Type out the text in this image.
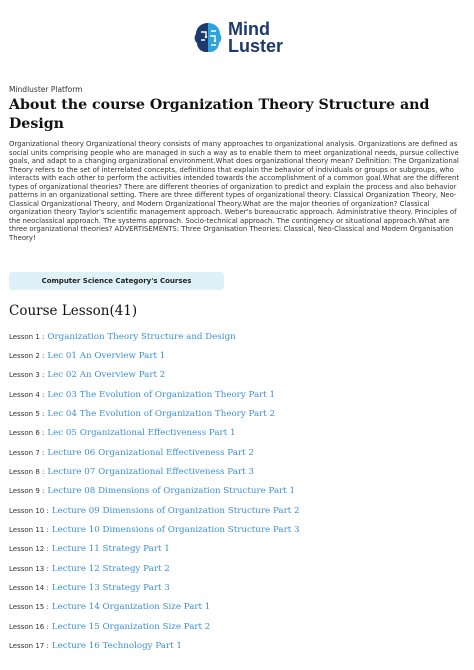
Mind
Luster
Mindluster Platform
About the course Organization Theory Structure and Design

Organizational theory Organizational theory consists of many approaches to organizational analysis. Organizations are defined as social units comprising people who are managed in such a way as to enable them to meet organizational needs, pursue collective goals, and adapt to a changing organizational environment.What does organizational theory mean? Definition: The Organizational Theory refers to the set of interrelated concepts, definitions that explain the behavior of individuals or groups or subgroups, who interacts with each other to perform the activities intended towards the accomplishment of a common goal.What are the different types of organizational theories? There are different theories of organization to predict and explain the process and also behavior patterns in an organizational setting. There are three different types of organizational theory: Classical Organization Theory, Neo-Classical Organizational Theory, and Modern Organizational Theory.What are the major theories of organization? Classical organization theory Taylor's scientific management approach. Weber's bureaucratic approach. Administrative theory. Principles of the neoclassical approach. The systems approach. Socio-technical approach. The contingency or situational approach.What are three organizational theories? ADVERTISEMENTS: Three Organisation Theories: Classical, Neo-Classical and Modern Organisation Theory!

Computer Science Category's Courses
Course Lesson(41)
Lesson 1 : Organization Theory Structure and Design
Lesson 2 : Lec 01 An Overview Part 1
Lesson 3 : Lec 02 An Overview Part 2
Lesson 4 : Lec 03 The Evolution of Organization Theory Part 1
Lesson 5 : Lec 04 The Evolution of Organization Theory Part 2
Lesson 6 : Lec 05 Organizational Effectiveness Part 1
Lesson 7 : Lecture 06 Organizational Effectiveness Part 2
Lesson 8 : Lecture 07 Organizational Effectiveness Part 3
Lesson 9 : Lecture 08 Dimensions of Organization Structure Part 1
Lesson 10 : Lecture 09 Dimensions of Organization Structure Part 2
Lesson 11 : Lecture 10 Dimensions of Organization Structure Part 3
Lesson 12 : Lecture 11 Strategy Part 1
Lesson 13 : Lecture 12 Strategy Part 2
Lesson 14 : Lecture 13 Strategy Part 3
Lesson 15 : Lecture 14 Organization Size Part 1
Lesson 16 : Lecture 15 Organization Size Part 2
Lesson 17 : Lecture 16 Technology Part 1
